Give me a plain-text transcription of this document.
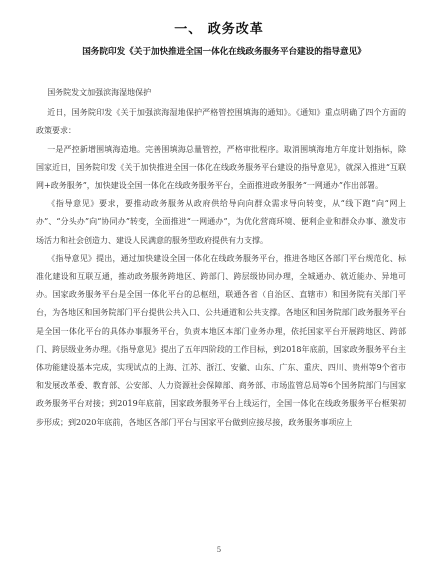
一、 政务改革
国务院印发《关于加快推进全国一体化在线政务服务平台建设的指导意见》

国务院发文加强滨海湿地保护

近日，国务院印发《关于加强滨海湿地保护严格管控围填海的通知》。《通知》重点明确了四个方面的政策要求：

一是严控新增围填海造地。完善围填海总量管控，严格审批程序。取消围填海地方年度计划指标，除国家近日，国务院印发《关于加快推进全国一体化在线政务服务平台建设的指导意见》，就深入推进“互联网+政务服务”，加快建设全国一体化在线政务服务平台，全面推进政务服务“一网通办”作出部署。

《指导意见》要求，要推动政务服务从政府供给导向向群众需求导向转变，从“线下跑”向“网上办”、“分头办”向“协同办”转变，全面推进“一网通办”，为优化营商环境、便利企业和群众办事、激发市场活力和社会创造力、建设人民满意的服务型政府提供有力支撑。

《指导意见》提出，通过加快建设全国一体化在线政务服务平台，推进各地区各部门平台规范化、标准化建设和互联互通，推动政务服务跨地区、跨部门、跨层级协同办理，全城通办、就近能办、异地可办。国家政务服务平台是全国一体化平台的总枢纽，联通各省（自治区、直辖市）和国务院有关部门平台，为各地区和国务院部门平台提供公共入口、公共通道和公共支撑。各地区和国务院部门政务服务平台是全国一体化平台的具体办事服务平台，负责本地区本部门业务办理，依托国家平台开展跨地区、跨部门、跨层级业务办理。《指导意见》提出了五年四阶段的工作目标，到2018年底前，国家政务服务平台主体功能建设基本完成，实现试点的上海、江苏、浙江、安徽、山东、广东、重庆、四川、贵州等9个省市和发展改革委、教育部、公安部、人力资源社会保障部、商务部、市场监管总局等6个国务院部门与国家政务服务平台对接；到2019年底前，国家政务服务平台上线运行，全国一体化在线政务服务平台框架初步形成；到2020年底前，各地区各部门平台与国家平台做到应接尽接，政务服务事项应上

5
